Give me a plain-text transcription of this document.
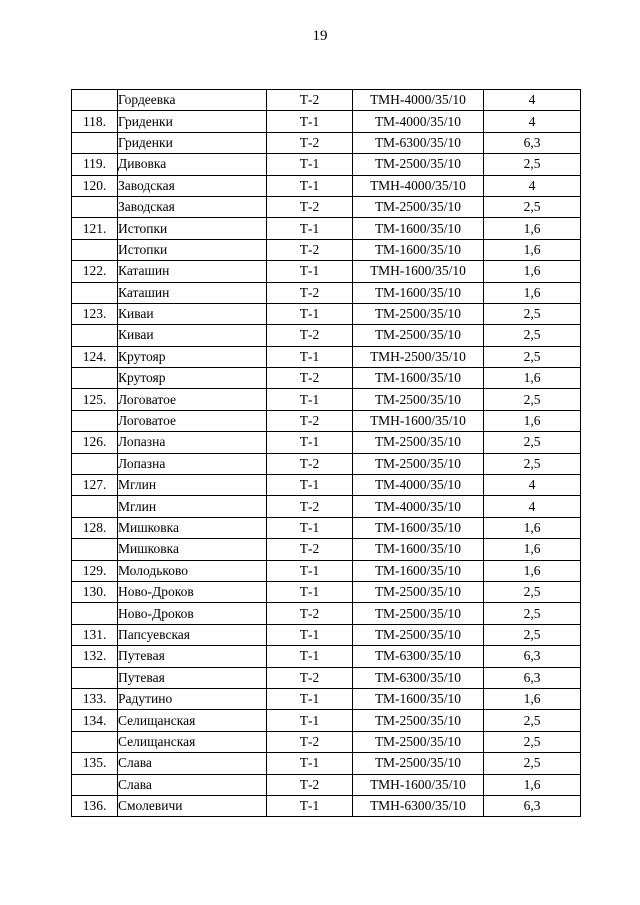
19
	Гордеевка	Т-2	ТМН-4000/35/10	4
118.	Гриденки	Т-1	ТМ-4000/35/10	4
	Гриденки	Т-2	ТМ-6300/35/10	6,3
119.	Дивовка	Т-1	ТМ-2500/35/10	2,5
120.	Заводская	Т-1	ТМН-4000/35/10	4
	Заводская	Т-2	ТМ-2500/35/10	2,5
121.	Истопки	Т-1	ТМ-1600/35/10	1,6
	Истопки	Т-2	ТМ-1600/35/10	1,6
122.	Каташин	Т-1	ТМН-1600/35/10	1,6
	Каташин	Т-2	ТМ-1600/35/10	1,6
123.	Киваи	Т-1	ТМ-2500/35/10	2,5
	Киваи	Т-2	ТМ-2500/35/10	2,5
124.	Крутояр	Т-1	ТМН-2500/35/10	2,5
	Крутояр	Т-2	ТМ-1600/35/10	1,6
125.	Логоватое	Т-1	ТМ-2500/35/10	2,5
	Логоватое	Т-2	ТМН-1600/35/10	1,6
126.	Лопазна	Т-1	ТМ-2500/35/10	2,5
	Лопазна	Т-2	ТМ-2500/35/10	2,5
127.	Мглин	Т-1	ТМ-4000/35/10	4
	Мглин	Т-2	ТМ-4000/35/10	4
128.	Мишковка	Т-1	ТМ-1600/35/10	1,6
	Мишковка	Т-2	ТМ-1600/35/10	1,6
129.	Молодьково	Т-1	ТМ-1600/35/10	1,6
130.	Ново-Дроков	Т-1	ТМ-2500/35/10	2,5
	Ново-Дроков	Т-2	ТМ-2500/35/10	2,5
131.	Папсуевская	Т-1	ТМ-2500/35/10	2,5
132.	Путевая	Т-1	ТМ-6300/35/10	6,3
	Путевая	Т-2	ТМ-6300/35/10	6,3
133.	Радутино	Т-1	ТМ-1600/35/10	1,6
134.	Селищанская	Т-1	ТМ-2500/35/10	2,5
	Селищанская	Т-2	ТМ-2500/35/10	2,5
135.	Слава	Т-1	ТМ-2500/35/10	2,5
	Слава	Т-2	ТМН-1600/35/10	1,6
136.	Смолевичи	Т-1	ТМН-6300/35/10	6,3
